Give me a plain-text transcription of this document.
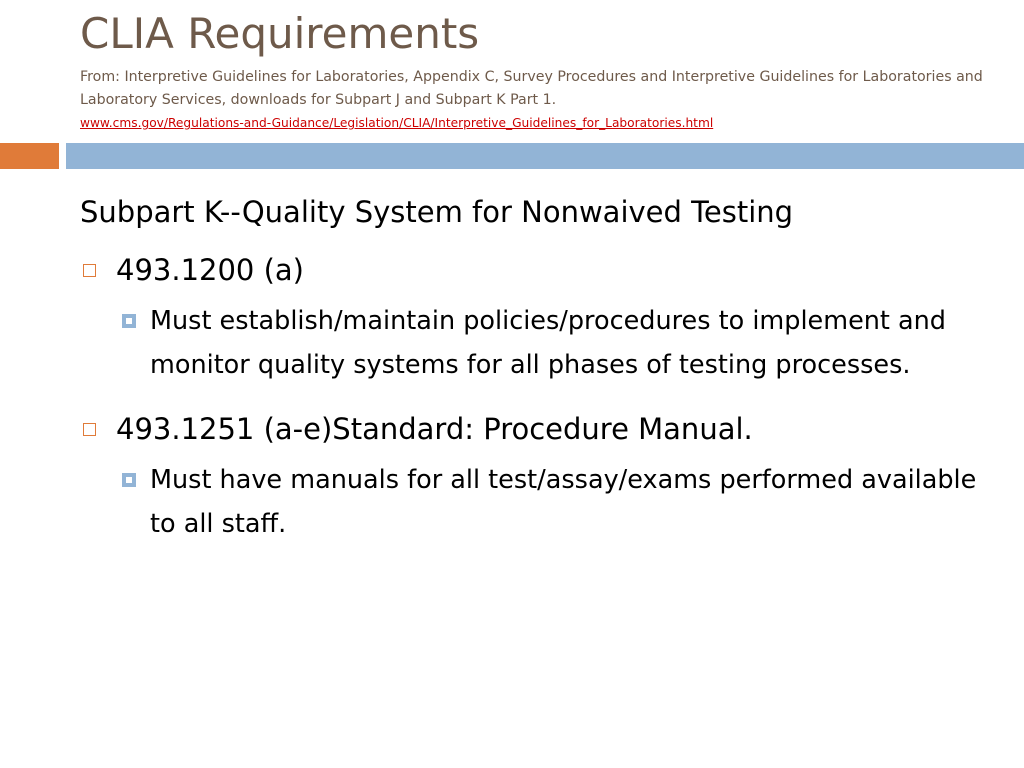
CLIA Requirements
From: Interpretive Guidelines for Laboratories, Appendix C, Survey Procedures and Interpretive Guidelines for Laboratories and Laboratory Services, downloads for Subpart J and Subpart K Part 1.
www.cms.gov/Regulations-and-Guidance/Legislation/CLIA/Interpretive_Guidelines_for_Laboratories.html
Subpart K--Quality System for Nonwaived Testing
493.1200 (a)
Must establish/maintain policies/procedures to implement and monitor quality systems for all phases of testing processes.
493.1251 (a-e)Standard: Procedure Manual.
Must have manuals for all test/assay/exams performed available to all staff.
